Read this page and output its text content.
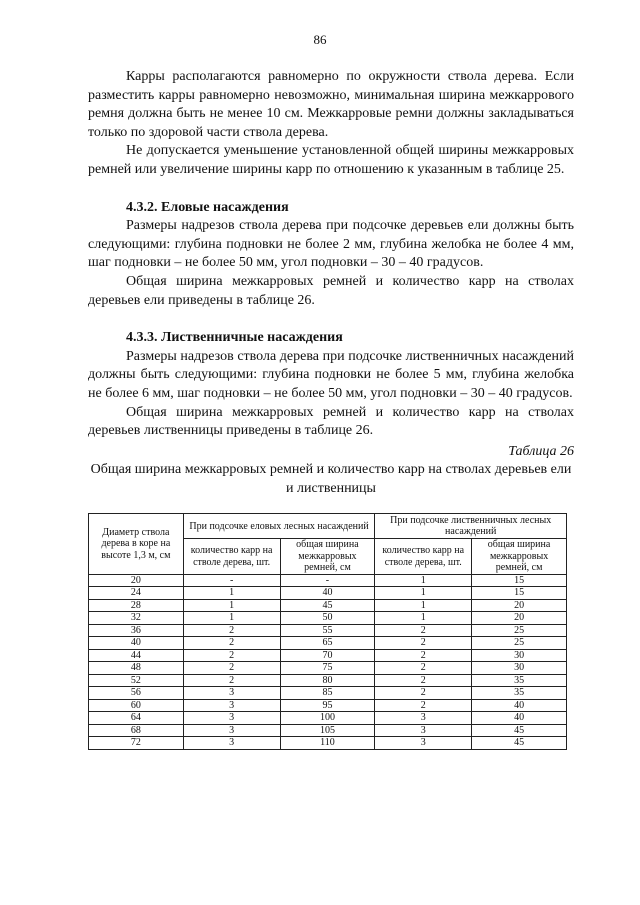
86

Карры располагаются равномерно по окружности ствола дерева. Если разместить карры равномерно невозможно, минимальная ширина межкаррового ремня должна быть не менее 10 см. Межкарровые ремни должны закладываться только по здоровой части ствола дерева.

Не допускается уменьшение установленной общей ширины межкарровых ремней или увеличение ширины карр по отношению к указанным в таблице 25.

4.3.2. Еловые насаждения

Размеры надрезов ствола дерева при подсочке деревьев ели должны быть следующими: глубина подновки не более 2 мм, глубина желобка не более 4 мм, шаг подновки – не более 50 мм, угол подновки – 30 – 40 градусов.

Общая ширина межкарровых ремней и количество карр на стволах деревьев ели приведены в таблице 26.

4.3.3. Лиственничные насаждения

Размеры надрезов ствола дерева при подсочке лиственничных насаждений должны быть следующими: глубина подновки не более 5 мм, глубина желобка не более 6 мм, шаг подновки – не более 50 мм, угол подновки – 30 – 40 градусов.

Общая ширина межкарровых ремней и количество карр на стволах деревьев лиственницы приведены в таблице 26.

Таблица 26
Общая ширина межкарровых ремней и количество карр на стволах деревьев ели и лиственницы
Диаметр ствола дерева в коре на высоте 1,3 м, см	При подсочке еловых лесных насаждений		При подсочке лиственничных лесных насаждений	
	количество карр на стволе дерева, шт.	общая ширина межкарровых ремней, см	количество карр на стволе дерева, шт.	общая ширина межкарровых ремней, см
20	-	-	1	15
24	1	40	1	15
28	1	45	1	20
32	1	50	1	20
36	2	55	2	25
40	2	65	2	25
44	2	70	2	30
48	2	75	2	30
52	2	80	2	35
56	3	85	2	35
60	3	95	2	40
64	3	100	3	40
68	3	105	3	45
72	3	110	3	45
